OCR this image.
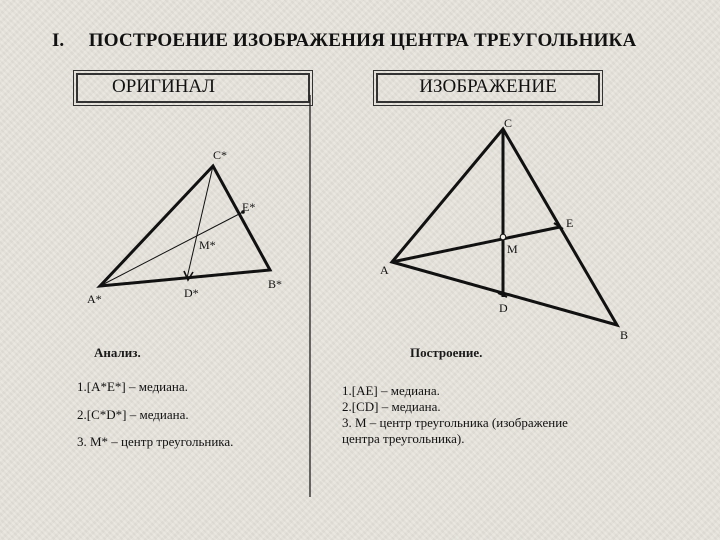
I. ПОСТРОЕНИЕ ИЗОБРАЖЕНИЯ ЦЕНТРА ТРЕУГОЛЬНИКА
ОРИГИНАЛ	ИЗОБРАЖЕНИЕ
C*
E*
M*
B*
A*	D*
C
E
M
A
D
B
Анализ.
1.[A*E*] – медиана.
2.[C*D*] – медиана.
3. M* – центр треугольника.
Построение.
1.[AE] – медиана.
2.[CD] – медиана.
3. M – центр треугольника (изображение
центра треугольника).
